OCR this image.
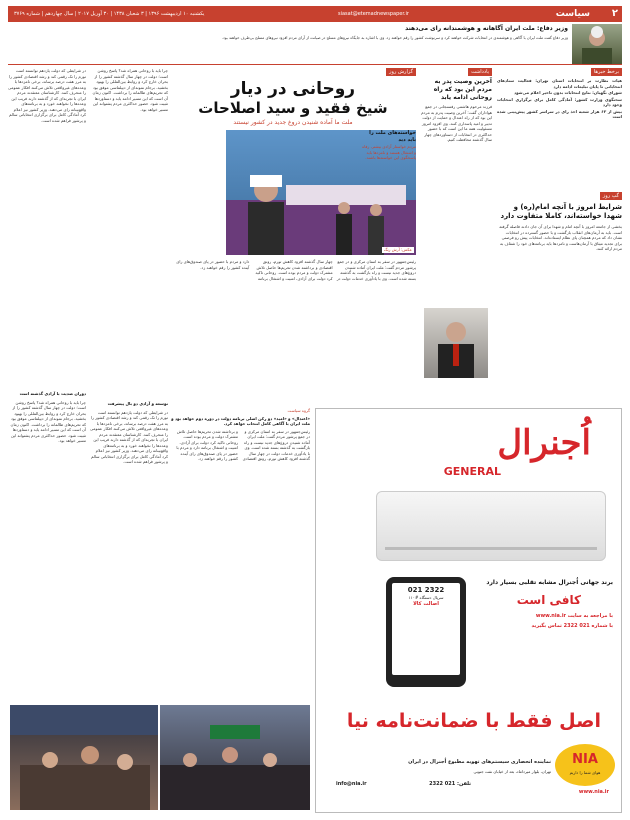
۲
سیاست
siasat@etemadnewspaper.ir
یکشنبه ۱۰ اردیبهشت ۱۳۹۶ | ۳ شعبان ۱۴۳۸ | ۳۰ آوریل ۲۰۱۷ | سال چهاردهم | شماره ۳۷۶۹
وزیر دفاع: ملت ایران آگاهانه و هوشمندانه رای می‌دهند
وزیر دفاع گفت ملت ایران با آگاهی و هوشمندی در انتخابات شرکت خواهند کرد و سرنوشت کشور را رقم خواهند زد. وی با اشاره به جایگاه نیروهای مسلح در صیانت از آرای مردم افزود نیروهای مسلح بی‌طرف خواهند بود.
برخط خبرها

هیات نظارت بر انتخابات استان تهران: فعالیت ستادهای انتخاباتی تا پایان تبلیغات ادامه دارد

شورای نگهبان: نتایج انتخابات بدون تاخیر اعلام می‌شود

سخنگوی وزارت کشور: آمادگی کامل برای برگزاری انتخابات وجود دارد

بیش از ۶۳ هزار شعبه اخذ رای در سراسر کشور پیش‌بینی شده است

گپ روز
شرایط امروز با آنچه امام(ره) و شهدا خواسته‌اند، کاملا متفاوت دارد
بخشی از جامعه امروز با آنچه امام و شهدا برای آن جان دادند فاصله گرفته است. باید به آرمان‌های انقلاب بازگشت و با حضور گسترده در انتخابات نشان داد که مردم همچنان پای نظام ایستاده‌اند. انتخابات پیش رو فرصتی برای تجدید میثاق با آرمان‌هاست و نامزدها باید برنامه‌های خود را شفاف به مردم ارائه کنند.
یادداشت
آخرین وصیت پدر به مردم این بود که راه روحانی ادامه یابد
فرزند مرحوم هاشمی رفسنجانی در جمع هواداران گفت: آخرین وصیت پدرم به مردم این بود که از راه اعتدال و حمایت از دولت تدبیر و امید پاسداری کنند. وی افزود امروز مسئولیت همه ما این است که با حضور حداکثری در انتخابات از دستاوردهای چهار سال گذشته محافظت کنیم.
گزارش روز
روحانی در دیار
شیخ فقید و سید اصلاحات
ملت ما آماده شنیدن دروغ جدید در کشور نیستند
عکس: آرش رنگ
خواسته‌های ملت را باید دید
مردم خواستار آزادی بیشتر، رفاه و اشتغال هستند و نامزدها باید پاسخگوی این خواسته‌ها باشند.
رئیس‌جمهور در سفر به استان مرکزی و در جمع پرشور مردم گفت: ملت ایران آماده شنیدن دروغ‌های جدید نیست و راه بازگشت به گذشته بسته شده است. وی با یادآوری خدمات دولت در چهار سال گذشته افزود کاهش تورم، رونق اقتصادی و برداشته شدن تحریم‌ها حاصل تلاش مشترک دولت و مردم بوده است. روحانی تاکید کرد دولت برای آزادی، امنیت و اشتغال برنامه دارد و مردم با حضور در پای صندوق‌های رای آینده کشور را رقم خواهند زد.
در شرایطی که دولت یازدهم توانسته است تورم را تک رقمی کند و رشد اقتصادی کشور را به مرز هفت درصد برساند، برخی نامزدها با وعده‌های غیرواقعی تلاش می‌کنند افکار عمومی را منحرف کنند. کارشناسان معتقدند مردم ایران با تجربه‌ای که از گذشته دارند فریب این وعده‌ها را نخواهند خورد و به برنامه‌های واقع‌بینانه رای می‌دهند. وزیر کشور نیز اعلام کرد آمادگی کامل برای برگزاری انتخاباتی سالم و پرشور فراهم شده است.
دوران ضدیت با آزادی گذشته است
چرا باید با روحانی همراه شد؟ پاسخ روشن است؛ دولت در چهار سال گذشته کشور را از بحران خارج کرد و روابط بین‌المللی را بهبود بخشید. برجام نمونه‌ای از دیپلماسی موفق بود که تحریم‌های ظالمانه را برداشت. اکنون زمان آن است که این مسیر ادامه یابد و دستاوردها تثبیت شود. حضور حداکثری مردم پشتوانه این مسیر خواهد بود.
چرا باید با روحانی همراه شد؟ پاسخ روشن است؛ دولت در چهار سال گذشته کشور را از بحران خارج کرد و روابط بین‌المللی را بهبود بخشید. برجام نمونه‌ای از دیپلماسی موفق بود که تحریم‌های ظالمانه را برداشت. اکنون زمان آن است که این مسیر ادامه یابد و دستاوردها تثبیت شود. حضور حداکثری مردم پشتوانه این مسیر خواهد بود.
توسعه و آزادی دو بال پیشرفت
در شرایطی که دولت یازدهم توانسته است تورم را تک رقمی کند و رشد اقتصادی کشور را به مرز هفت درصد برساند، برخی نامزدها با وعده‌های غیرواقعی تلاش می‌کنند افکار عمومی را منحرف کنند. کارشناسان معتقدند مردم ایران با تجربه‌ای که از گذشته دارند فریب این وعده‌ها را نخواهند خورد و به برنامه‌های واقع‌بینانه رای می‌دهند. وزیر کشور نیز اعلام کرد آمادگی کامل برای برگزاری انتخاباتی سالم و پرشور فراهم شده است.
گروه سیاست
«اعتدال» و «امید» دو رکن اصلی برنامه دولت در دوره دوم خواهد بود و ملت ایران با آگاهی کامل انتخاب خواهد کرد.
رئیس‌جمهور در سفر به استان مرکزی و در جمع پرشور مردم گفت: ملت ایران آماده شنیدن دروغ‌های جدید نیست و راه بازگشت به گذشته بسته شده است. وی با یادآوری خدمات دولت در چهار سال گذشته افزود کاهش تورم، رونق اقتصادی و برداشته شدن تحریم‌ها حاصل تلاش مشترک دولت و مردم بوده است. روحانی تاکید کرد دولت برای آزادی، امنیت و اشتغال برنامه دارد و مردم با حضور در پای صندوق‌های رای آینده کشور را رقم خواهند زد.	اُجنرال
GENERAL
برند جهانی اُجنرال مشابه تقلبی بسیار دارد
کافی است
با مراجعه به سایت www.nia.ir
با شماره 021 2322 تماس بگیرید
021 2322
سریال دستگاه #۱۱۰
اصالت کالا
اصل فقط با ضمانت‌نامه نیا
NIA
هوای شما را داریم
نماینده انحصاری سیستم‌های تهویه مطبوع اُجنرال در ایران
تهران، بلوار میرداماد، بعد از خیابان نفت جنوبی
تلفن: 021 2322
info@nia.ir
www.nia.ir
